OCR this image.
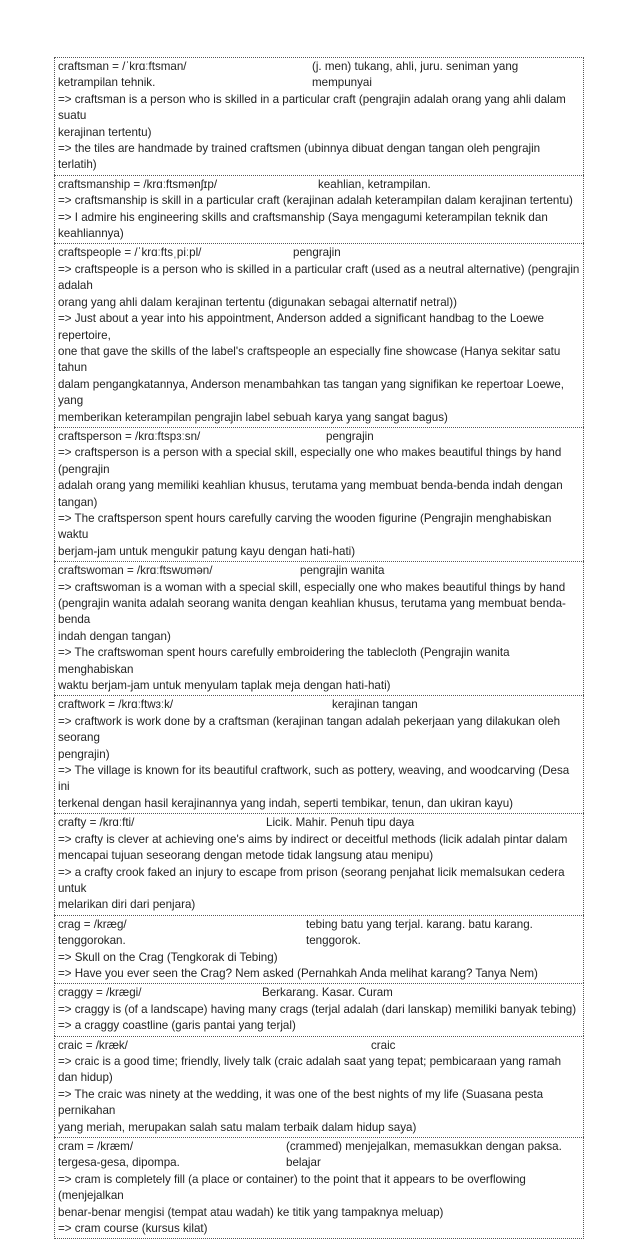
craftsman = /ˈkrɑːftsman/	(j. men) tukang, ahli, juru. seniman yang mempunyai
ketrampilan tehnik.
=> craftsman is a person who is skilled in a particular craft (pengrajin adalah orang yang ahli dalam suatu
kerajinan tertentu)
=> the tiles are handmade by trained craftsmen (ubinnya dibuat dengan tangan oleh pengrajin terlatih)
craftsmanship = /krɑːftsmənʃɪp/	keahlian, ketrampilan.
=> craftsmanship is skill in a particular craft (kerajinan adalah keterampilan dalam kerajinan tertentu)
=> I admire his engineering skills and craftsmanship (Saya mengagumi keterampilan teknik dan keahliannya)
craftspeople = /ˈkrɑːftsˌpiːpl/	pengrajin
=> craftspeople is a person who is skilled in a particular craft (used as a neutral alternative) (pengrajin adalah
orang yang ahli dalam kerajinan tertentu (digunakan sebagai alternatif netral))
=> Just about a year into his appointment, Anderson added a significant handbag to the Loewe repertoire,
one that gave the skills of the label's craftspeople an especially fine showcase (Hanya sekitar satu tahun
dalam pengangkatannya, Anderson menambahkan tas tangan yang signifikan ke repertoar Loewe, yang
memberikan keterampilan pengrajin label sebuah karya yang sangat bagus)
craftsperson = /krɑːftspɜːsn/	pengrajin
=> craftsperson is a person with a special skill, especially one who makes beautiful things by hand (pengrajin
adalah orang yang memiliki keahlian khusus, terutama yang membuat benda-benda indah dengan tangan)
=> The craftsperson spent hours carefully carving the wooden figurine (Pengrajin menghabiskan waktu
berjam-jam untuk mengukir patung kayu dengan hati-hati)
craftswoman = /krɑːftswʊmən/	pengrajin wanita
=> craftswoman is a woman with a special skill, especially one who makes beautiful things by hand
(pengrajin wanita adalah seorang wanita dengan keahlian khusus, terutama yang membuat benda-benda
indah dengan tangan)
=> The craftswoman spent hours carefully embroidering the tablecloth (Pengrajin wanita menghabiskan
waktu berjam-jam untuk menyulam taplak meja dengan hati-hati)
craftwork = /krɑːftwɜːk/	kerajinan tangan
=> craftwork is work done by a craftsman (kerajinan tangan adalah pekerjaan yang dilakukan oleh seorang
pengrajin)
=> The village is known for its beautiful craftwork, such as pottery, weaving, and woodcarving (Desa ini
terkenal dengan hasil kerajinannya yang indah, seperti tembikar, tenun, dan ukiran kayu)
crafty = /krɑːfti/	Licik. Mahir. Penuh tipu daya
=> crafty is clever at achieving one's aims by indirect or deceitful methods (licik adalah pintar dalam
mencapai tujuan seseorang dengan metode tidak langsung atau menipu)
=> a crafty crook faked an injury to escape from prison (seorang penjahat licik memalsukan cedera untuk
melarikan diri dari penjara)
crag = /kræg/	tebing batu yang terjal. karang. batu karang. tenggorok.
tenggorokan.
=> Skull on the Crag (Tengkorak di Tebing)
=> Have you ever seen the Crag? Nem asked (Pernahkah Anda melihat karang? Tanya Nem)
craggy = /krægi/	Berkarang. Kasar. Curam
=> craggy is (of a landscape) having many crags (terjal adalah (dari lanskap) memiliki banyak tebing)
=> a craggy coastline (garis pantai yang terjal)
craic = /kræk/	craic
=> craic is a good time; friendly, lively talk (craic adalah saat yang tepat; pembicaraan yang ramah dan hidup)
=> The craic was ninety at the wedding, it was one of the best nights of my life (Suasana pesta pernikahan
yang meriah, merupakan salah satu malam terbaik dalam hidup saya)
cram = /kræm/	(crammed) menjejalkan, memasukkan dengan paksa. belajar
tergesa-gesa, dipompa.
=> cram is completely fill (a place or container) to the point that it appears to be overflowing (menjejalkan
benar-benar mengisi (tempat atau wadah) ke titik yang tampaknya meluap)
=> cram course (kursus kilat)
